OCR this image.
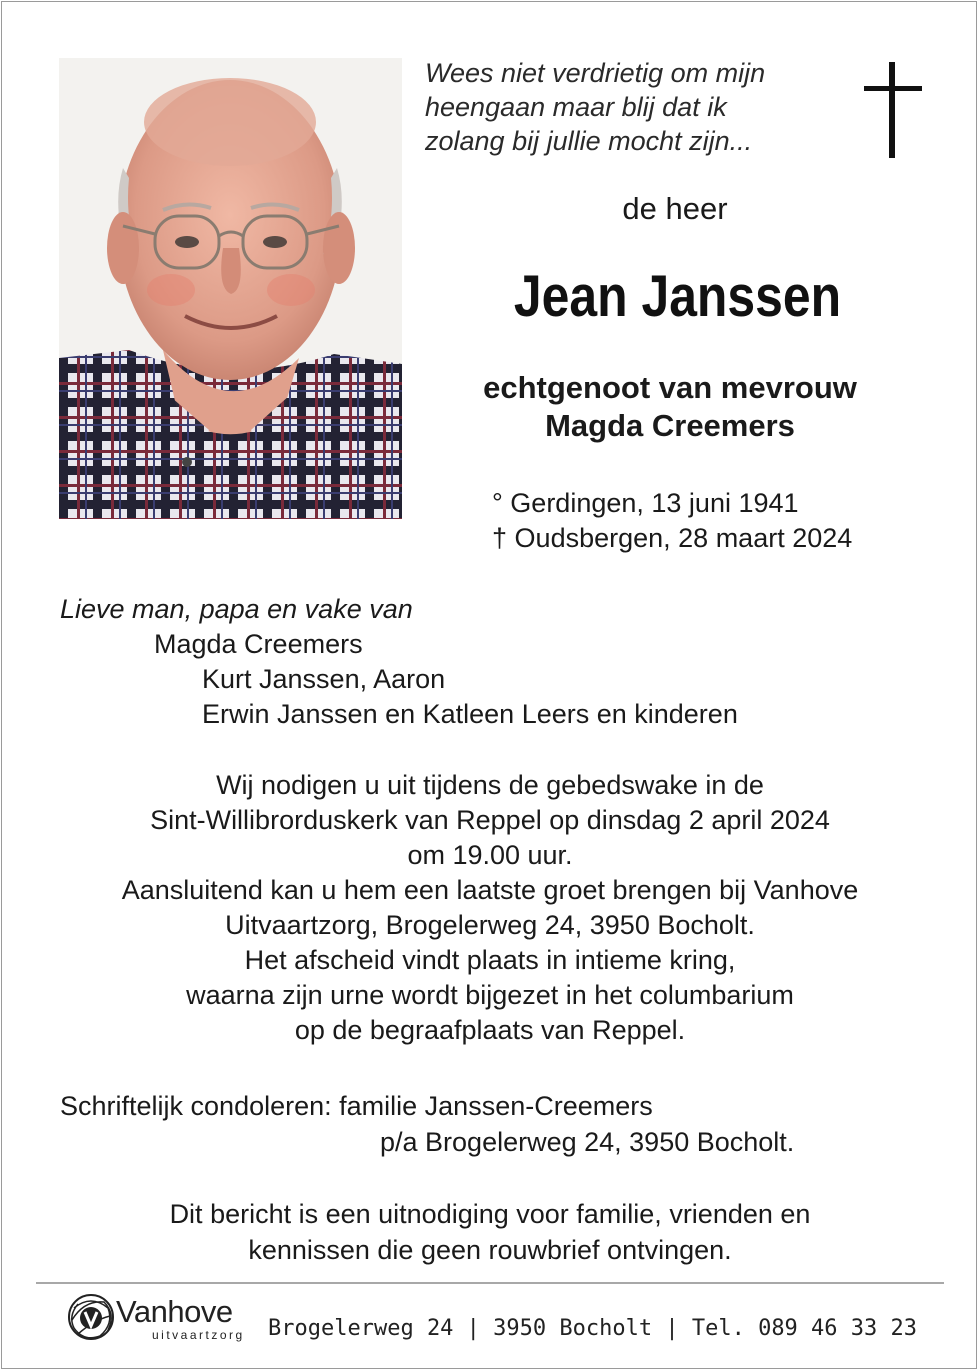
Wees niet verdrietig om mijn
heengaan maar blij dat ik
zolang bij jullie mocht zijn...
de heer
Jean Janssen
echtgenoot van mevrouw
Magda Creemers
° Gerdingen, 13 juni 1941
† Oudsbergen, 28 maart 2024
Lieve man, papa en vake van
Magda Creemers
Kurt Janssen, Aaron
Erwin Janssen en Katleen Leers en kinderen
Wij nodigen u uit tijdens de gebedswake in de
Sint-Willibrorduskerk van Reppel op dinsdag 2 april 2024
om 19.00 uur.
Aansluitend kan u hem een laatste groet brengen bij Vanhove
Uitvaartzorg, Brogelerweg 24, 3950 Bocholt.
Het afscheid vindt plaats in intieme kring,
waarna zijn urne wordt bijgezet in het columbarium
op de begraafplaats van Reppel.
Schriftelijk condoleren: familie Janssen-Creemers
p/a Brogelerweg 24, 3950 Bocholt.
Dit bericht is een uitnodiging voor familie, vrienden en
kennissen die geen rouwbrief ontvingen.
Vanhove
uitvaartzorg Brogelerweg 24 | 3950 Bocholt | Tel. 089 46 33 23
